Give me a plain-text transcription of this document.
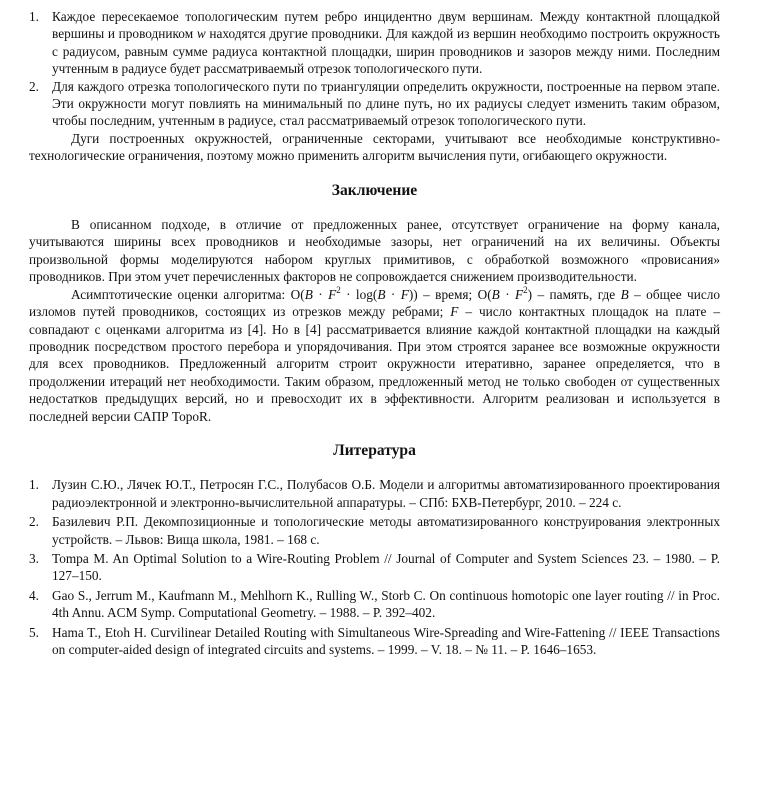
1. Каждое пересекаемое топологическим путем ребро инцидентно двум вершинам. Между контактной площадкой вершины и проводником w находятся другие проводники. Для каждой из вершин необходимо построить окружность с радиусом, равным сумме радиуса контактной площадки, ширин проводников и зазоров между ними. Последним учтенным в радиусе будет рассматриваемый отрезок топологического пути.
2. Для каждого отрезка топологического пути по триангуляции определить окружности, построенные на первом этапе. Эти окружности могут повлиять на минимальный по длине путь, но их радиусы следует изменить таким образом, чтобы последним, учтенным в радиусе, стал рассматриваемый отрезок топологического пути.

Дуги построенных окружностей, ограниченные секторами, учитывают все необходимые конструктивно-технологические ограничения, поэтому можно применить алгоритм вычисления пути, огибающего окружности.

Заключение

В описанном подходе, в отличие от предложенных ранее, отсутствует ограничение на форму канала, учитываются ширины всех проводников и необходимые зазоры, нет ограничений на их величины. Объекты произвольной формы моделируются набором круглых примитивов, с обработкой возможного «провисания» проводников. При этом учет перечисленных факторов не сопровождается снижением производительности.

Асимптотические оценки алгоритма: $O(B \cdot F^2 \cdot \log(B \cdot F))$ – время; $O(B \cdot F^2)$ – память, где B – общее число изломов путей проводников, состоящих из отрезков между ребрами; F – число контактных площадок на плате – совпадают с оценками алгоритма из [4]. Но в [4] рассматривается влияние каждой контактной площадки на каждый проводник посредством простого перебора и упорядочивания. При этом строятся заранее все возможные окружности для всех проводников. Предложенный алгоритм строит окружности итеративно, заранее определяется, что в продолжении итераций нет необходимости. Таким образом, предложенный метод не только свободен от существенных недостатков предыдущих версий, но и превосходит их в эффективности. Алгоритм реализован и используется в последней версии САПР TopoR.

Литература
1. Лузин С.Ю., Лячек Ю.Т., Петросян Г.С., Полубасов О.Б. Модели и алгоритмы автоматизированного проектирования радиоэлектронной и электронно-вычислительной аппаратуры. – СПб: БХВ-Петербург, 2010. – 224 с.
2. Базилевич Р.П. Декомпозиционные и топологические методы автоматизированного конструирования электронных устройств. – Львов: Вища школа, 1981. – 168 с.
3. Tompa M. An Optimal Solution to a Wire-Routing Problem // Journal of Computer and System Sciences 23. – 1980. – P. 127–150.
4. Gao S., Jerrum M., Kaufmann M., Mehlhorn K., Rulling W., Storb C. On continuous homotopic one layer routing // in Proc. 4th Annu. ACM Symp. Computational Geometry. – 1988. – P. 392–402.
5. Hama T., Etoh H. Curvilinear Detailed Routing with Simultaneous Wire-Spreading and Wire-Fattening // IEEE Transactions on computer-aided design of integrated circuits and systems. – 1999. – V. 18. – № 11. – P. 1646–1653.
